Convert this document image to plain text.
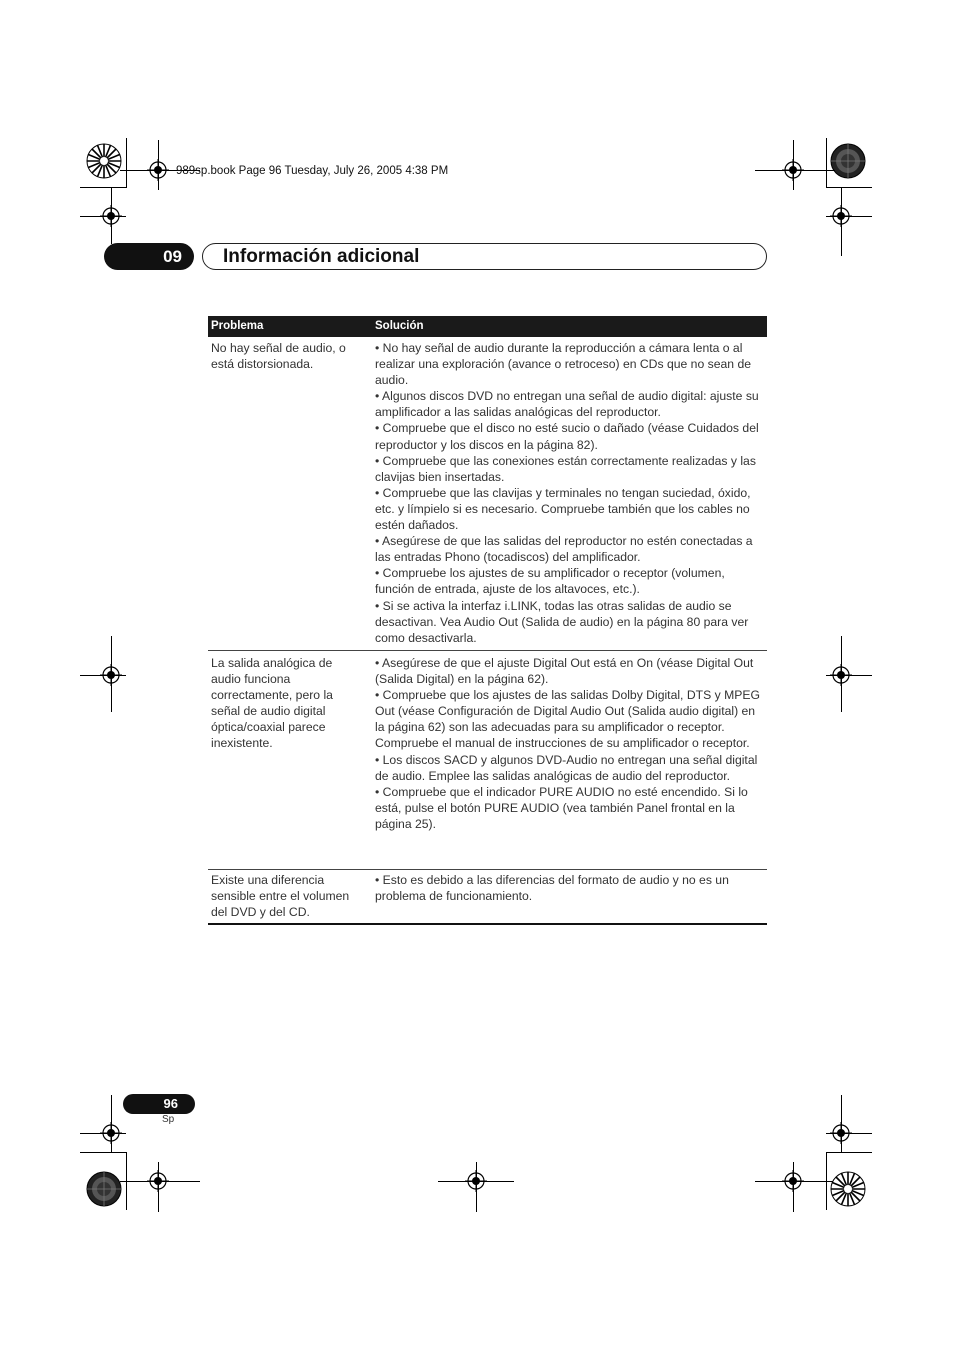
989sp.book Page 96 Tuesday, July 26, 2005 4:38 PM
09	Información adicional
Problema	Solución
No hay señal de audio, o está distorsionada.

• No hay señal de audio durante la reproducción a cámara lenta o al realizar una exploración (avance o retroceso) en CDs que no sean de audio.

• Algunos discos DVD no entregan una señal de audio digital: ajuste su amplificador a las salidas analógicas del reproductor.

• Compruebe que el disco no esté sucio o dañado (véase Cuidados del reproductor y los discos en la página 82).

• Compruebe que las conexiones están correctamente realizadas y las clavijas bien insertadas.

• Compruebe que las clavijas y terminales no tengan suciedad, óxido, etc. y límpielo si es necesario. Compruebe también que los cables no estén dañados.

• Asegúrese de que las salidas del reproductor no estén conectadas a las entradas Phono (tocadiscos) del amplificador.

• Compruebe los ajustes de su amplificador o receptor (volumen, función de entrada, ajuste de los altavoces, etc.).

• Si se activa la interfaz i.LINK, todas las otras salidas de audio se desactivan. Vea Audio Out (Salida de audio) en la página 80 para ver como desactivarla.

La salida analógica de audio funciona correctamente, pero la señal de audio digital óptica/coaxial parece inexistente.

• Asegúrese de que el ajuste Digital Out está en On (véase Digital Out (Salida Digital) en la página 62).

• Compruebe que los ajustes de las salidas Dolby Digital, DTS y MPEG Out (véase Configuración de Digital Audio Out (Salida audio digital) en la página 62) son las adecuadas para su amplificador o receptor. Compruebe el manual de instrucciones de su amplificador o receptor.

• Los discos SACD y algunos DVD-Audio no entregan una señal digital de audio. Emplee las salidas analógicas de audio del reproductor.

• Compruebe que el indicador PURE AUDIO no esté encendido. Si lo está, pulse el botón PURE AUDIO (vea también Panel frontal en la página 25).

Existe una diferencia sensible entre el volumen del DVD y del CD.

• Esto es debido a las diferencias del formato de audio y no es un problema de funcionamiento.

96
Sp
